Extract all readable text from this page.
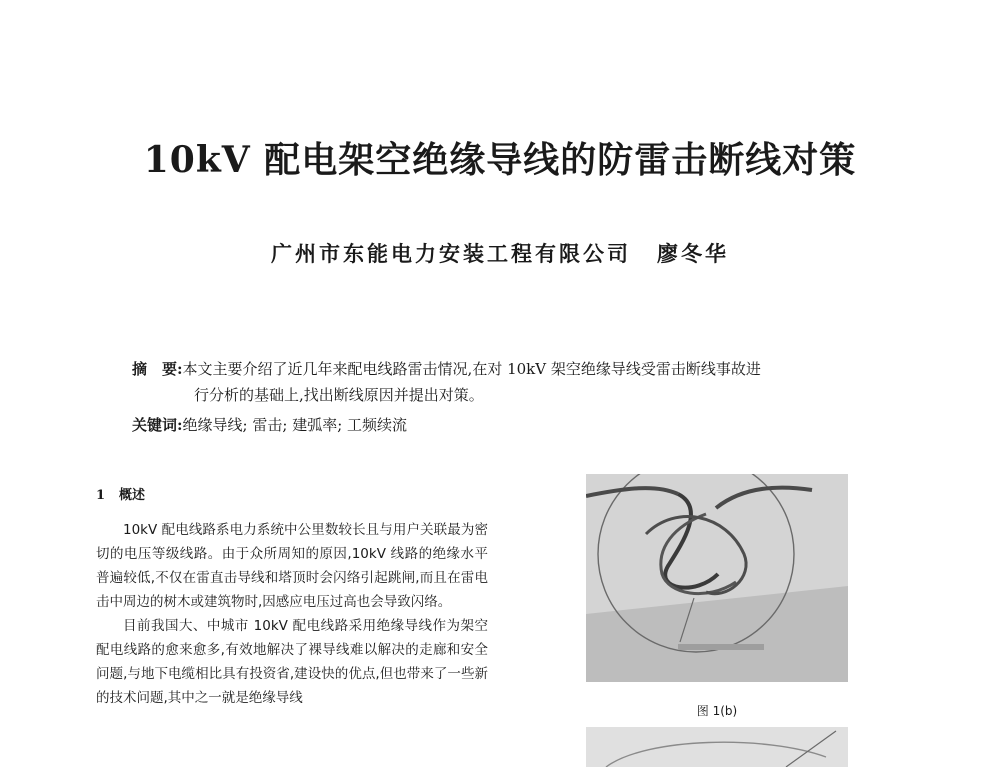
10kV 配电架空绝缘导线的防雷击断线对策
广州市东能电力安装工程有限公司 廖冬华
摘　要:本文主要介绍了近几年来配电线路雷击情况,在对 10kV 架空绝缘导线受雷击断线事故进
行分析的基础上,找出断线原因并提出对策。
关键词:绝缘导线; 雷击; 建弧率; 工频续流
1 概述

10kV 配电线路系电力系统中公里数较长且与用户关联最为密切的电压等级线路。由于众所周知的原因,10kV 线路的绝缘水平普遍较低,不仅在雷直击导线和塔顶时会闪络引起跳闸,而且在雷电击中周边的树木或建筑物时,因感应电压过高也会导致闪络。

目前我国大、中城市 10kV 配电线路采用绝缘导线作为架空配电线路的愈来愈多,有效地解决了裸导线难以解决的走廊和安全问题,与地下电缆相比具有投资省,建设快的优点,但也带来了一些新的技术问题,其中之一就是绝缘导线

图 1(b)
